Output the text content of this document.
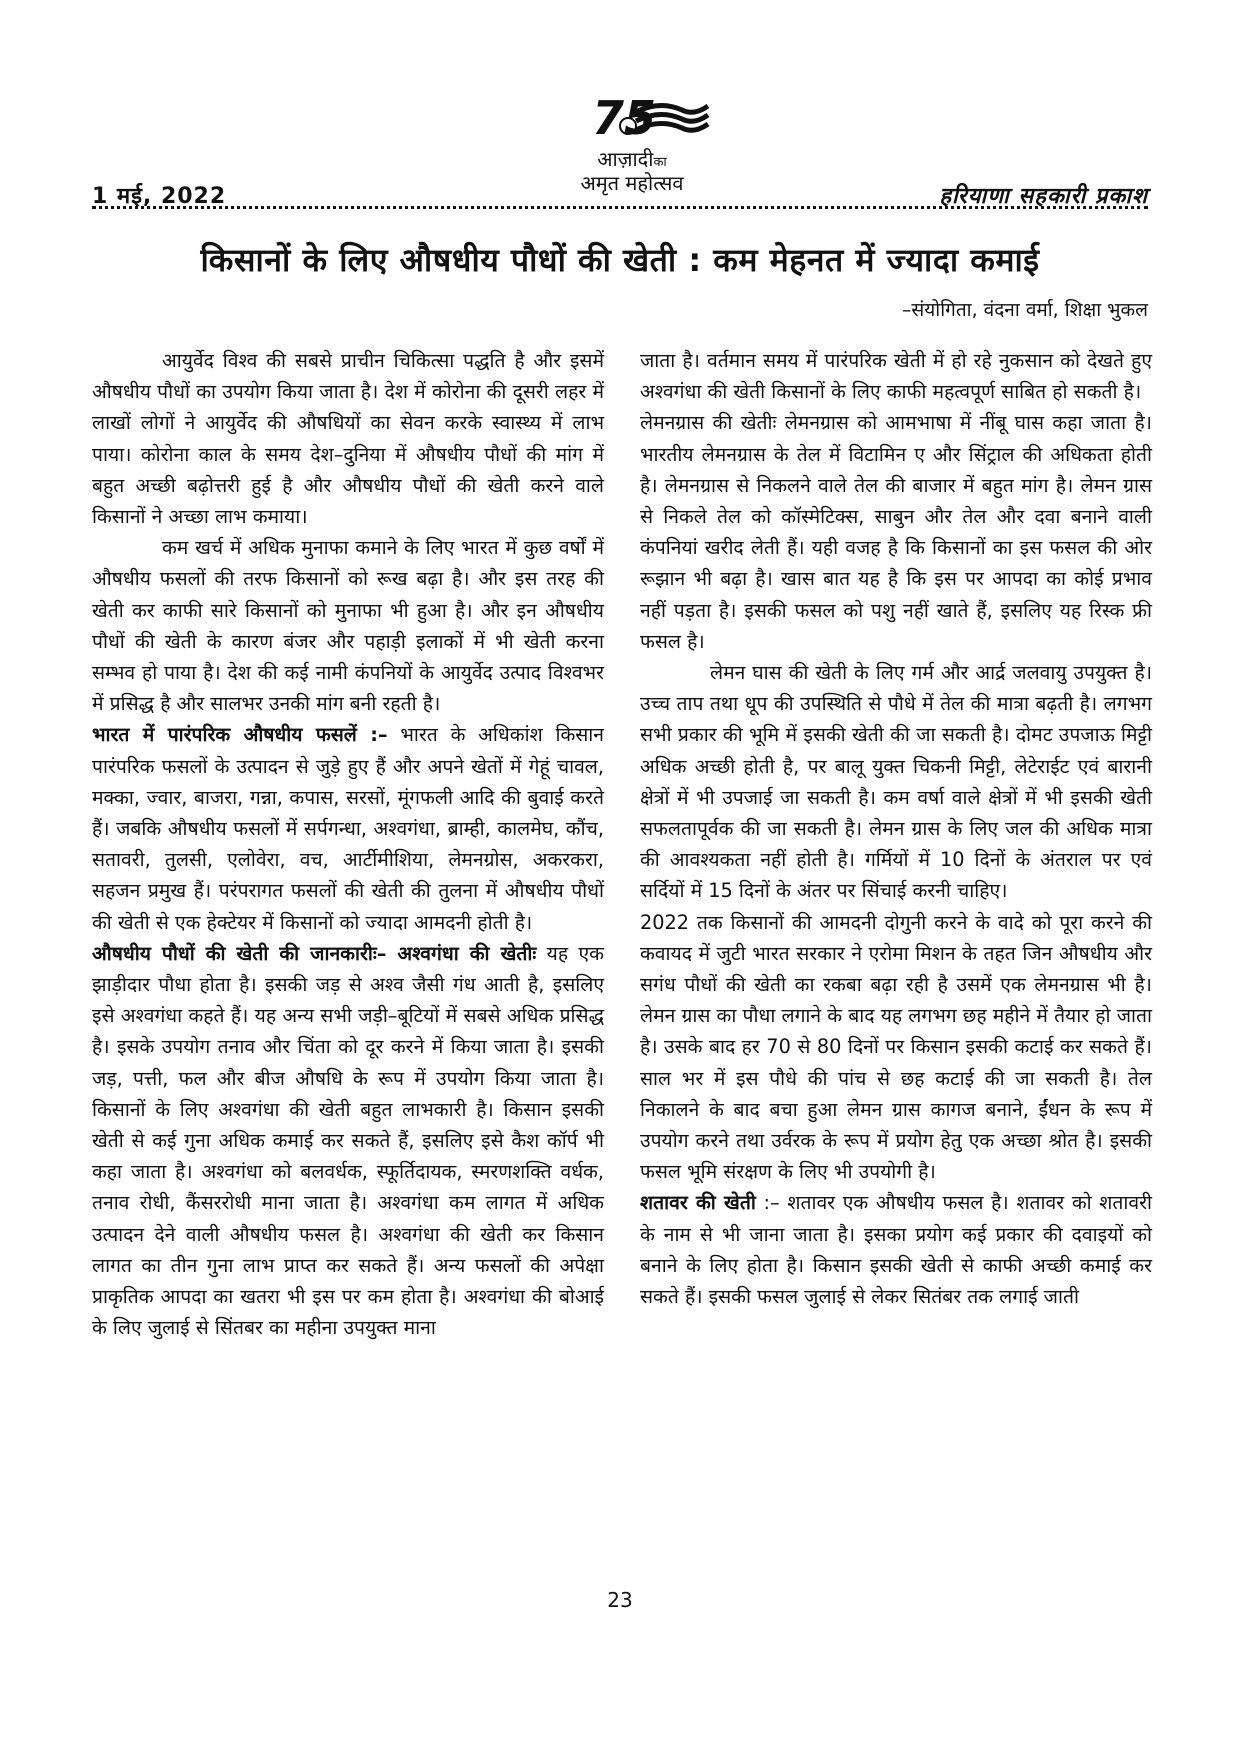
1 मई, 2022
75
आज़ादीका
अमृत महोत्सव
हरियाणा सहकारी प्रकाश
किसानों के लिए औषधीय पौधों की खेती : कम मेहनत में ज्यादा कमाई
–संयोगिता, वंदना वर्मा, शिक्षा भुकल

आयुर्वेद विश्व की सबसे प्राचीन चिकित्सा पद्धति है और इसमें औषधीय पौधों का उपयोग किया जाता है। देश में कोरोना की दूसरी लहर में लाखों लोगों ने आयुर्वेद की औषधियों का सेवन करके स्वास्थ्य में लाभ पाया। कोरोना काल के समय देश–दुनिया में औषधीय पौधों की मांग में बहुत अच्छी बढ़ोत्तरी हुई है और औषधीय पौधों की खेती करने वाले किसानों ने अच्छा लाभ कमाया।

कम खर्च में अधिक मुनाफा कमाने के लिए भारत में कुछ वर्षों में औषधीय फसलों की तरफ किसानों को रूख बढ़ा है। और इस तरह की खेती कर काफी सारे किसानों को मुनाफा भी हुआ है। और इन औषधीय पौधों की खेती के कारण बंजर और पहाड़ी इलाकों में भी खेती करना सम्भव हो पाया है। देश की कई नामी कंपनियों के आयुर्वेद उत्पाद विश्वभर में प्रसिद्ध है और सालभर उनकी मांग बनी रहती है।

भारत में पारंपरिक औषधीय फसलें :– भारत के अधिकांश किसान पारंपरिक फसलों के उत्पादन से जुड़े हुए हैं और अपने खेतों में गेहूं चावल, मक्का, ज्वार, बाजरा, गन्ना, कपास, सरसों, मूंगफली आदि की बुवाई करते हैं। जबकि औषधीय फसलों में सर्पगन्धा, अश्वगंधा, ब्राम्ही, कालमेघ, कौंच, सतावरी, तुलसी, एलोवेरा, वच, आर्टीमीशिया, लेमनग्रोस, अकरकरा, सहजन प्रमुख हैं। परंपरागत फसलों की खेती की तुलना में औषधीय पौधों की खेती से एक हेक्टेयर में किसानों को ज्यादा आमदनी होती है।

औषधीय पौधों की खेती की जानकारीः– अश्वगंधा की खेतीः यह एक झाड़ीदार पौधा होता है। इसकी जड़ से अश्व जैसी गंध आती है, इसलिए इसे अश्वगंधा कहते हैं। यह अन्य सभी जड़ी–बूटियों में सबसे अधिक प्रसिद्ध है। इसके उपयोग तनाव और चिंता को दूर करने में किया जाता है। इसकी जड़, पत्ती, फल और बीज औषधि के रूप में उपयोग किया जाता है। किसानों के लिए अश्वगंधा की खेती बहुत लाभकारी है। किसान इसकी खेती से कई गुना अधिक कमाई कर सकते हैं, इसलिए इसे कैश कॉर्प भी कहा जाता है। अश्वगंधा को बलवर्धक, स्फूर्तिदायक, स्मरणशक्ति वर्धक, तनाव रोधी, कैंसररोधी माना जाता है। अश्वगंधा कम लागत में अधिक उत्पादन देने वाली औषधीय फसल है। अश्वगंधा की खेती कर किसान लागत का तीन गुना लाभ प्राप्त कर सकते हैं। अन्य फसलों की अपेक्षा प्राकृतिक आपदा का खतरा भी इस पर कम होता है। अश्वगंधा की बोआई के लिए जुलाई से सिंतबर का महीना उपयुक्त माना

जाता है। वर्तमान समय में पारंपरिक खेती में हो रहे नुकसान को देखते हुए अश्वगंधा की खेती किसानों के लिए काफी महत्वपूर्ण साबित हो सकती है।

लेमनग्रास की खेतीः लेमनग्रास को आमभाषा में नींबू घास कहा जाता है। भारतीय लेमनग्रास के तेल में विटामिन ए और सिंट्राल की अधिकता होती है। लेमनग्रास से निकलने वाले तेल की बाजार में बहुत मांग है। लेमन ग्रास से निकले तेल को कॉस्मेटिक्स, साबुन और तेल और दवा बनाने वाली कंपनियां खरीद लेती हैं। यही वजह है कि किसानों का इस फसल की ओर रूझान भी बढ़ा है। खास बात यह है कि इस पर आपदा का कोई प्रभाव नहीं पड़ता है। इसकी फसल को पशु नहीं खाते हैं, इसलिए यह रिस्क फ्री फसल है।

लेमन घास की खेती के लिए गर्म और आर्द्र जलवायु उपयुक्त है। उच्च ताप तथा धूप की उपस्थिति से पौधे में तेल की मात्रा बढ़ती है। लगभग सभी प्रकार की भूमि में इसकी खेती की जा सकती है। दोमट उपजाऊ मिट्टी अधिक अच्छी होती है, पर बालू युक्त चिकनी मिट्टी, लेटेराईट एवं बारानी क्षेत्रों में भी उपजाई जा सकती है। कम वर्षा वाले क्षेत्रों में भी इसकी खेती सफलतापूर्वक की जा सकती है। लेमन ग्रास के लिए जल की अधिक मात्रा की आवश्यकता नहीं होती है। गर्मियों में 10 दिनों के अंतराल पर एवं सर्दियों में 15 दिनों के अंतर पर सिंचाई करनी चाहिए।

2022 तक किसानों की आमदनी दोगुनी करने के वादे को पूरा करने की कवायद में जुटी भारत सरकार ने एरोमा मिशन के तहत जिन औषधीय और सगंध पौधों की खेती का रकबा बढ़ा रही है उसमें एक लेमनग्रास भी है। लेमन ग्रास का पौधा लगाने के बाद यह लगभग छह महीने में तैयार हो जाता है। उसके बाद हर 70 से 80 दिनों पर किसान इसकी कटाई कर सकते हैं। साल भर में इस पौधे की पांच से छह कटाई की जा सकती है। तेल निकालने के बाद बचा हुआ लेमन ग्रास कागज बनाने, ईंधन के रूप में उपयोग करने तथा उर्वरक के रूप में प्रयोग हेतु एक अच्छा श्रोत है। इसकी फसल भूमि संरक्षण के लिए भी उपयोगी है।

शतावर की खेती :– शतावर एक औषधीय फसल है। शतावर को शतावरी के नाम से भी जाना जाता है। इसका प्रयोग कई प्रकार की दवाइयों को बनाने के लिए होता है। किसान इसकी खेती से काफी अच्छी कमाई कर सकते हैं। इसकी फसल जुलाई से लेकर सितंबर तक लगाई जाती

23
